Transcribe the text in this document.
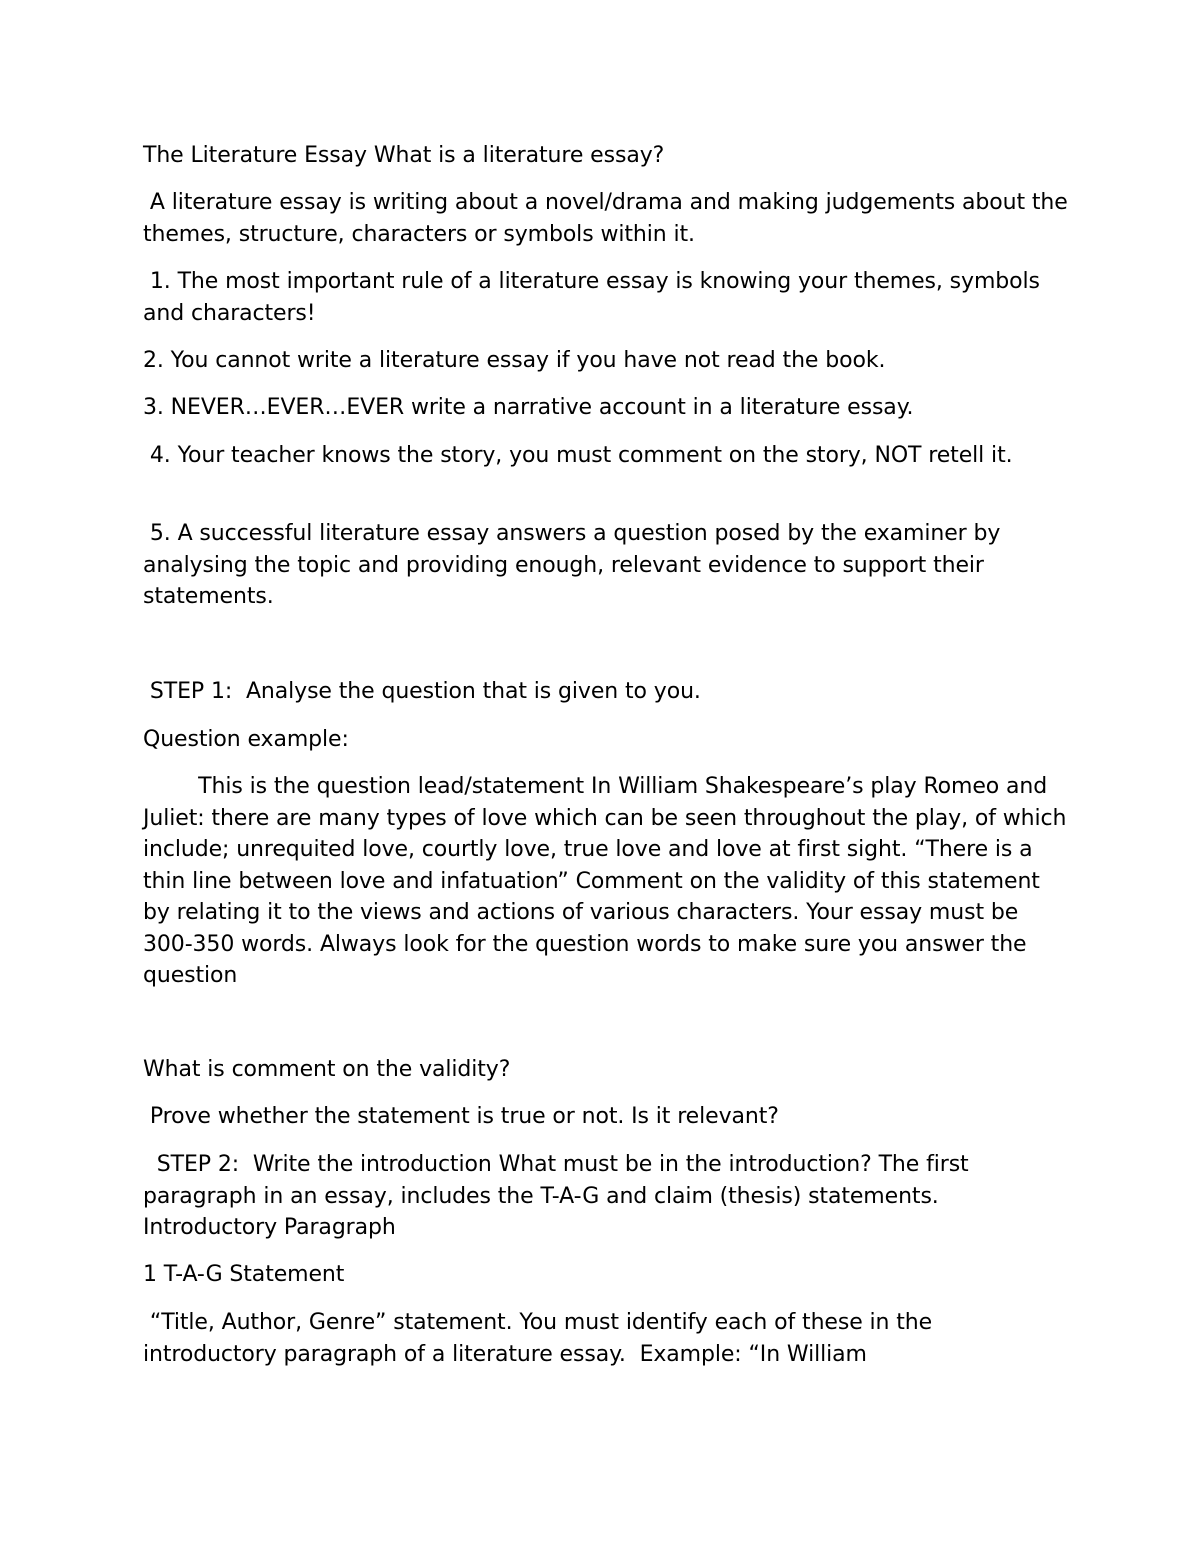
The Literature Essay What is a literature essay?

A literature essay is writing about a novel/drama and making judgements about the themes, structure, characters or symbols within it.

1. The most important rule of a literature essay is knowing your themes, symbols and characters!

2. You cannot write a literature essay if you have not read the book.

3. NEVER…EVER…EVER write a narrative account in a literature essay.

4. Your teacher knows the story, you must comment on the story, NOT retell it.

5. A successful literature essay answers a question posed by the examiner by analysing the topic and providing enough, relevant evidence to support their statements.

STEP 1:  Analyse the question that is given to you.

Question example:

This is the question lead/statement In William Shakespeare’s play Romeo and Juliet: there are many types of love which can be seen throughout the play, of which include; unrequited love, courtly love, true love and love at first sight. “There is a thin line between love and infatuation” Comment on the validity of this statement by relating it to the views and actions of various characters. Your essay must be 300-350 words. Always look for the question words to make sure you answer the question

What is comment on the validity?

Prove whether the statement is true or not. Is it relevant?

STEP 2:  Write the introduction What must be in the introduction? The first paragraph in an essay, includes the T-A-G and claim (thesis) statements. Introductory Paragraph

1 T-A-G Statement

“Title, Author, Genre” statement. You must identify each of these in the introductory paragraph of a literature essay.  Example: “In William
